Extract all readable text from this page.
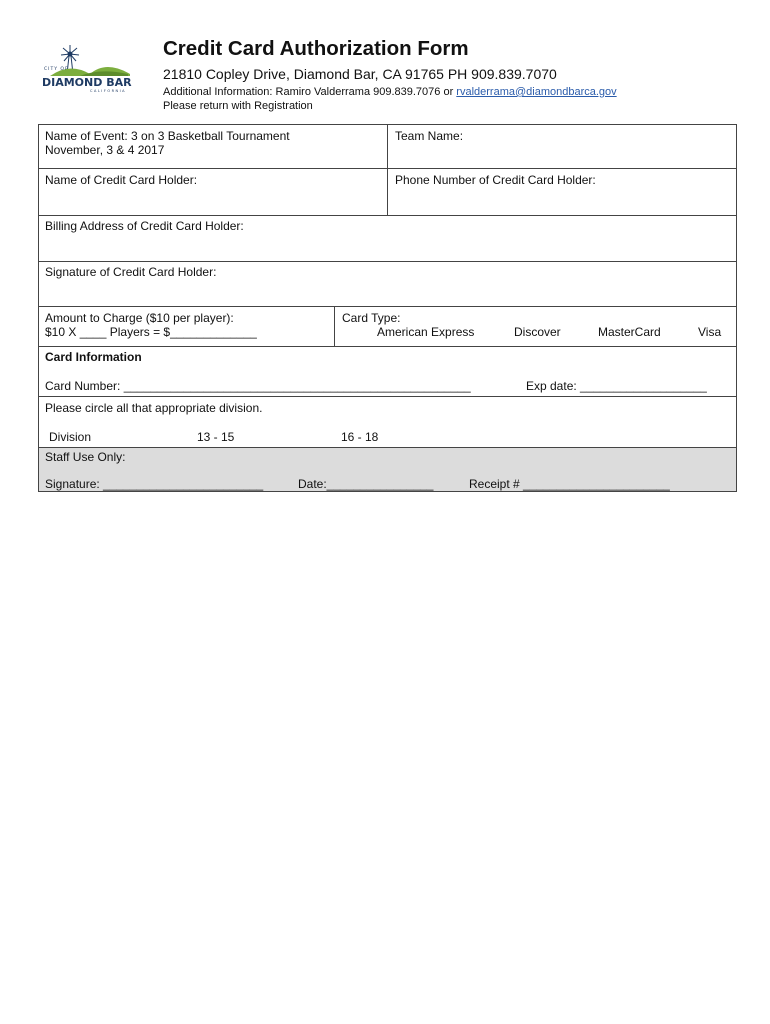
CITY OF
DIAMOND BAR
CALIFORNIA
Credit Card Authorization Form
21810 Copley Drive, Diamond Bar, CA 91765 PH 909.839.7070
Additional Information: Ramiro Valderrama 909.839.7076 or rvalderrama@diamondbarca.gov
Please return with Registration
Name of Event: 3 on 3 Basketball Tournament
November, 3 & 4 2017
Team Name:
Name of Credit Card Holder:	Phone Number of Credit Card Holder:
Billing Address of Credit Card Holder:
Signature of Credit Card Holder:
Amount to Charge ($10 per player):
$10 X ____ Players = $_____________
Card Type:
American Express	Discover	MasterCard	Visa
Card Information
Card Number: ____________________________________________________	Exp date: ___________________
Please circle all that appropriate division.
Division	13 - 15	16 - 18
Staff Use Only:
Signature: ________________________	Date:________________	Receipt # ______________________
